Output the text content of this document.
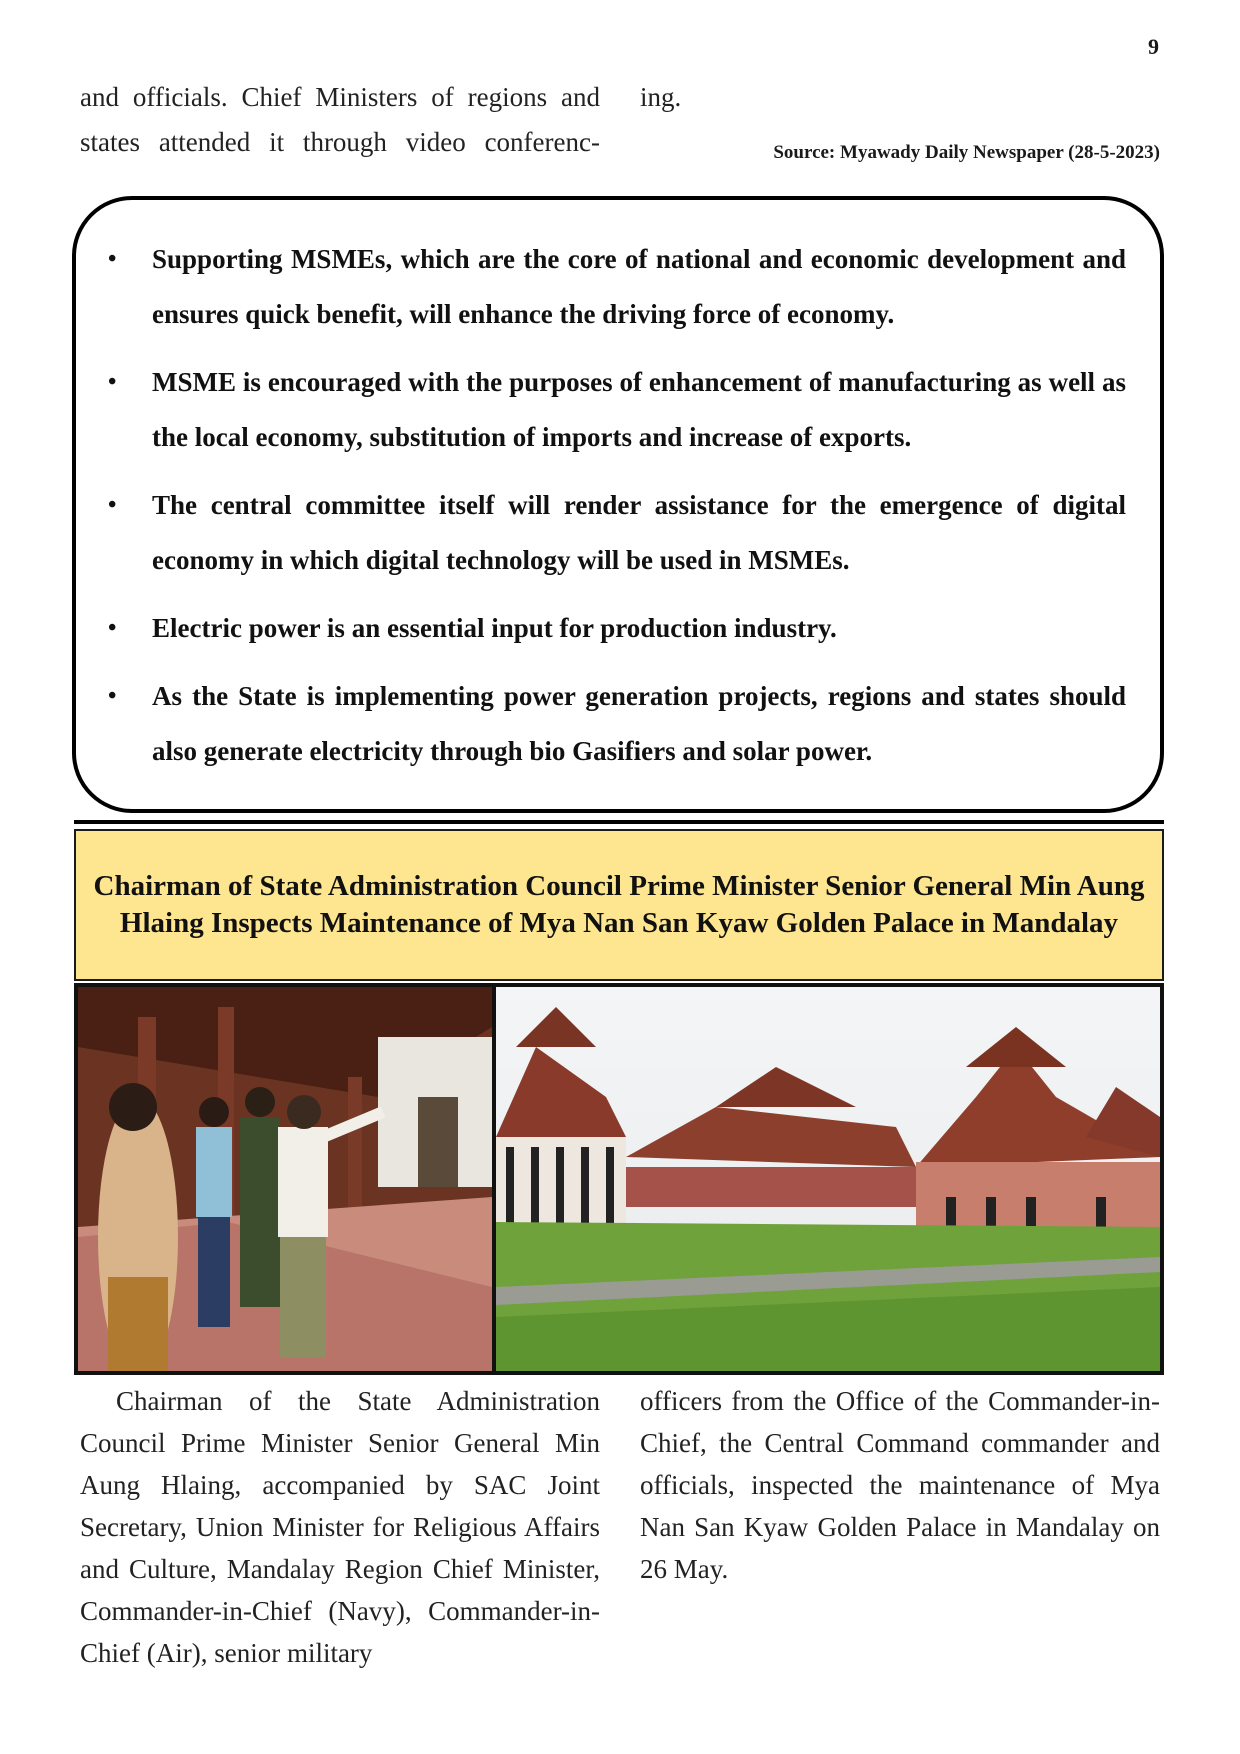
9
and officials. Chief Ministers of regions and states attended it through video conferenc-
ing.
Source: Myawady Daily Newspaper (28-5-2023)
• Supporting MSMEs, which are the core of national and economic development and ensures quick benefit, will enhance the driving force of economy.
• MSME is encouraged with the purposes of enhancement of manufacturing as well as the local economy, substitution of imports and increase of exports.
• The central committee itself will render assistance for the emergence of digital economy in which digital technology will be used in MSMEs.
• Electric power is an essential input for production industry.
• As the State is implementing power generation projects, regions and states should also generate electricity through bio Gasifiers and solar power.
Chairman of State Administration Council Prime Minister Senior General Min Aung Hlaing Inspects Maintenance of Mya Nan San Kyaw Golden Palace in Mandalay
Chairman of the State Administration Council Prime Minister Senior General Min Aung Hlaing, accompanied by SAC Joint Secretary, Union Minister for Religious Affairs and Culture, Mandalay Region Chief Minister, Commander-in-Chief (Navy), Commander-in-Chief (Air), senior military
officers from the Office of the Commander-in-Chief, the Central Command commander and officials, inspected the maintenance of Mya Nan San Kyaw Golden Palace in Mandalay on 26 May.
